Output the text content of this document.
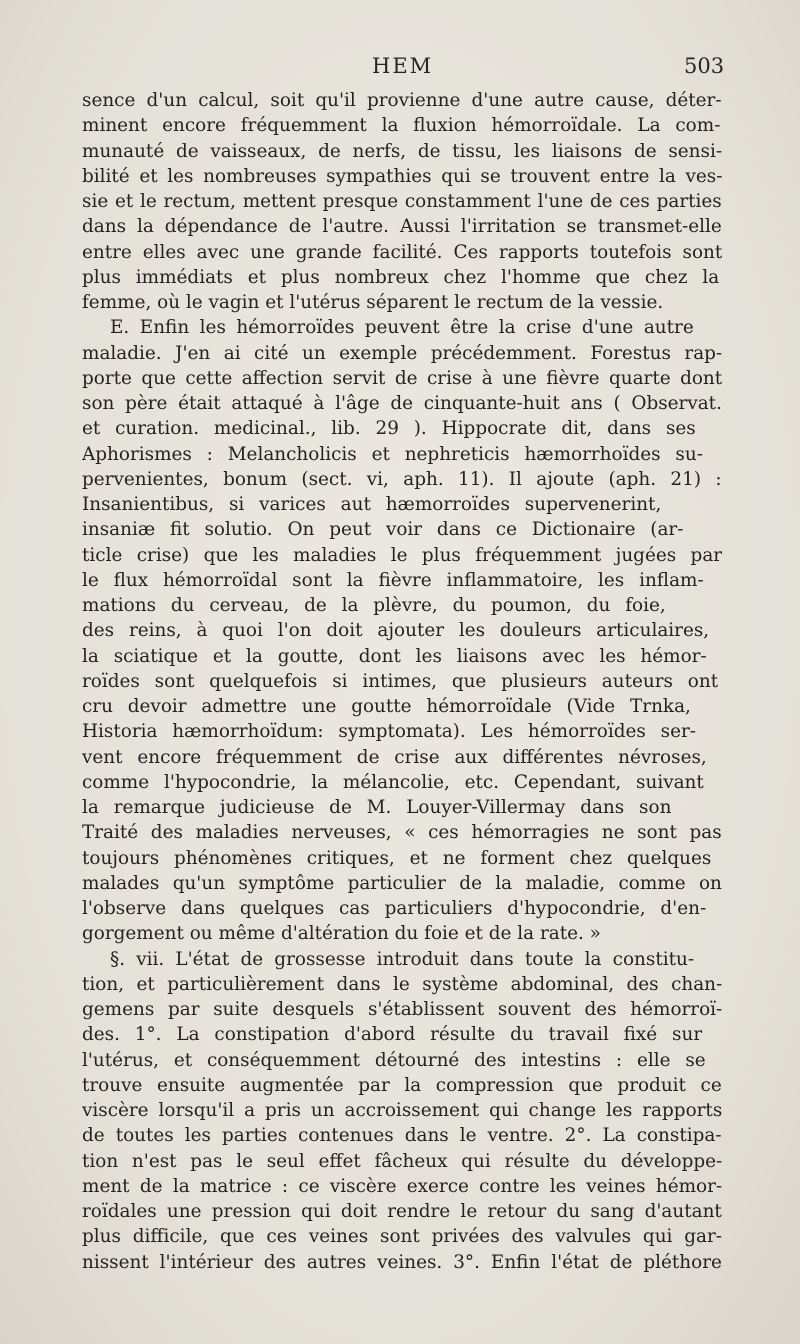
HEM	503
sence d'un calcul, soit qu'il provienne d'une autre cause, déter-
minent encore fréquemment la fluxion hémorroïdale. La com-
munauté de vaisseaux, de nerfs, de tissu, les liaisons de sensi-
bilité et les nombreuses sympathies qui se trouvent entre la ves-
sie et le rectum, mettent presque constamment l'une de ces parties
dans la dépendance de l'autre. Aussi l'irritation se transmet-elle
entre elles avec une grande facilité. Ces rapports toutefois sont
plus immédiats et plus nombreux chez l'homme que chez la
femme, où le vagin et l'utérus séparent le rectum de la vessie.
E. Enfin les hémorroïdes peuvent être la crise d'une autre
maladie. J'en ai cité un exemple précédemment. Forestus rap-
porte que cette affection servit de crise à une fièvre quarte dont
son père était attaqué à l'âge de cinquante-huit ans ( Observat.
et curation. medicinal., lib. 29 ). Hippocrate dit, dans ses
Aphorismes : Melancholicis et nephreticis hæmorrhoïdes su-
pervenientes, bonum (sect. vi, aph. 11). Il ajoute (aph. 21) :
Insanientibus, si varices aut hæmorroïdes supervenerint,
insaniæ fit solutio. On peut voir dans ce Dictionaire (ar-
ticle crise) que les maladies le plus fréquemment jugées par
le flux hémorroïdal sont la fièvre inflammatoire, les inflam-
mations du cerveau, de la plèvre, du poumon, du foie,
des reins, à quoi l'on doit ajouter les douleurs articulaires,
la sciatique et la goutte, dont les liaisons avec les hémor-
roïdes sont quelquefois si intimes, que plusieurs auteurs ont
cru devoir admettre une goutte hémorroïdale (Vide Trnka,
Historia hæmorrhoïdum: symptomata). Les hémorroïdes ser-
vent encore fréquemment de crise aux différentes névroses,
comme l'hypocondrie, la mélancolie, etc. Cependant, suivant
la remarque judicieuse de M. Louyer-Villermay dans son
Traité des maladies nerveuses, « ces hémorragies ne sont pas
toujours phénomènes critiques, et ne forment chez quelques
malades qu'un symptôme particulier de la maladie, comme on
l'observe dans quelques cas particuliers d'hypocondrie, d'en-
gorgement ou même d'altération du foie et de la rate. »
§. vii. L'état de grossesse introduit dans toute la constitu-
tion, et particulièrement dans le système abdominal, des chan-
gemens par suite desquels s'établissent souvent des hémorroï-
des. 1°. La constipation d'abord résulte du travail fixé sur
l'utérus, et conséquemment détourné des intestins : elle se
trouve ensuite augmentée par la compression que produit ce
viscère lorsqu'il a pris un accroissement qui change les rapports
de toutes les parties contenues dans le ventre. 2°. La constipa-
tion n'est pas le seul effet fâcheux qui résulte du développe-
ment de la matrice : ce viscère exerce contre les veines hémor-
roïdales une pression qui doit rendre le retour du sang d'autant
plus difficile, que ces veines sont privées des valvules qui gar-
nissent l'intérieur des autres veines. 3°. Enfin l'état de pléthore
